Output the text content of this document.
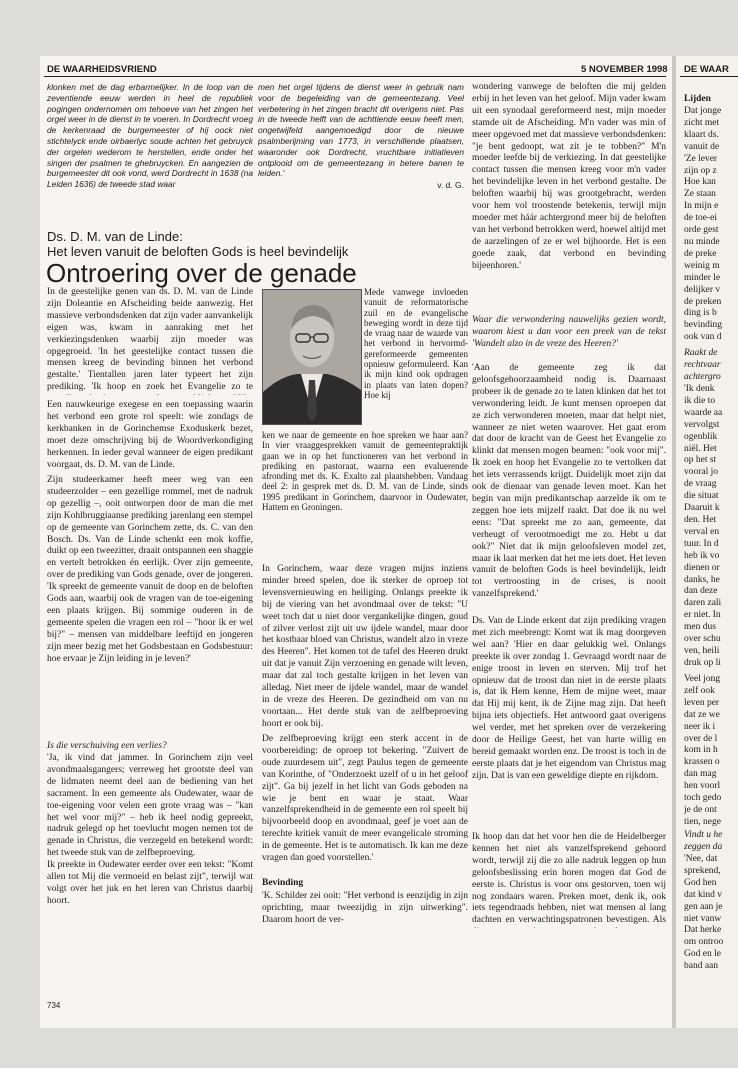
DE WAARHEIDSVRIEND	5 NOVEMBER 1998 DE WAAR
klonken met de dag erbarmelijker. In de loop van de zeventiende eeuw werden in heel de republiek pogingen ondernomen om tehoeve van het zingen het orgel weer in de dienst in te voeren. In Dordrecht vroeg de kerkenraad de burgemeester of hij oock niet stichtelyck ende oirbaerlyc soude achten het gebruyck der orgelen wederom te herstellen, ende onder het singen der psalmen te ghebruycken. En aangezien de burgemeester dit ook vond, werd Dordrecht in 1638 (na Leiden 1636) de tweede stad waar
men het orgel tijdens de dienst weer in gebruik nam voor de begeleiding van de gemeentezang. Veel verbetering in het zingen bracht dit overigens niet. Pas in de tweede helft van de achttiende eeuw heeft men, ongetwijfeld aangemoedigd door de nieuwe psalmberijming van 1773, in verschillende plaatsen, waaronder ook Dordrecht, vruchtbare initiatieven ontplooid om de gemeentezang in betere banen te leiden.'
v. d. G.
Ds. D. M. van de Linde:
Het leven vanuit de beloften Gods is heel bevindelijk
Ontroering over de genade
In de geestelijke genen van ds. D. M. van de Linde zijn Doleantie en Afscheiding beide aanwezig. Het massieve verbondsdenken dat zijn vader aanvankelijk eigen was, kwam in aanraking met het verkiezingsdenken waarbij zijn moeder was opgegroeid. 'In het geestelijke contact tussen die mensen kreeg de bevinding binnen het verbond gestalte.' Tientallen jaren later typeert het zijn prediking. 'Ik hoop en zoek het Evangelie zo te
Een nauwkeurige exegese en een toepassing waarin het verbond een grote rol speelt: wie zondags de kerkbanken in de Gorinchemse Exoduskerk bezet, moet deze omschrijving bij de Woordverkondiging herkennen. In ieder geval wanneer de eigen predikant voorgaat, ds. D. M. van de Linde.
Zijn studeerkamer heeft meer weg van een studeerzolder – een gezellige rommel, met de nadruk op gezellig –, ooit ontworpen door de man die met zijn Kohlbruggiaanse prediking jarenlang een stempel op de gemeente van Gorinchem zette, ds. C. van den Bosch. Ds. Van de Linde schenkt een mok koffie, duikt op een tweezitter, draait ontspannen een shaggie en vertelt betrokken én eerlijk. Over zijn gemeente, over de prediking van Gods genade, over de jongeren. 'Ik spreekt de gemeente vanuit de doop en de beloften Gods aan, waarbij ook de vragen van de toe-eigening een plaats krijgen. Bij sommige ouderen in de gemeente spelen die vragen een rol – "hoor ik er wel bij?" – mensen van middelbare leeftijd en jongeren zijn meer bezig met het Godsbestaan en Godsbestuur: hoe ervaar je Zijn leiding in je leven?'
Is die verschuiving een verlies?
'Ja, ik vind dat jammer. In Gorinchem zijn veel avondmaalsgangers; verreweg het grootste deel van de lidmaten neemt deel aan de bediening van het sacrament. In een gemeente als Oudewater, waar de toe-eigening voor velen een grote vraag was – "kan het wel voor mij?" – heb ik heel nodig gepreekt, nadruk gelegd op het toevlucht mogen nemen tot de genade in Christus, die verzegeld en betekend wordt: het tweede stuk van de zelfbeproeving.
Ik preekte in Oudewater eerder over een tekst: "Komt allen tot Mij die vermoeid en belast zijt", terwijl wat volgt over het juk en het leren van Christus daarbij hoort.
Mede vanwege invloeden vanuit de reformatorische zuil en de evangelische beweging wordt in deze tijd de vraag naar de waarde van het verbond in hervormd-gereformeerde gemeenten opnieuw geformuleerd. Kan ik mijn kind ook opdragen in plaats van laten dopen? Hoe kij
ken we naar de gemeente en hoe spreken we haar aan? In vier vraaggesprekken vanuit de gemeentepraktijk gaan we in op het functioneren van het verbond in prediking en pastoraat, waarna een evaluerende afronding met ds. K. Exalto zal plaatshebben. Vandaag deel 2: in gesprek met ds. D. M. van de Linde, sinds 1995 predikant in Gorinchem, daarvoor in Oudewater, Hattem en Groningen.
In Gorinchem, waar deze vragen mijns inziens minder breed spelen, doe ik sterker de oproep tot levensvernieuwing en heiliging. Onlangs preekte ik bij de viering van het avondmaal over de tekst: "U weet toch dat u niet door vergankelijke dingen, goud of zilver verlost zijt uit uw ijdele wandel, maar door het kostbaar bloed van Christus, wandelt alzo in vreze des Heeren". Het komen tot de tafel des Heeren drukt uit dat je vanuit Zijn verzoening en genade wilt leven, maar dat zal toch gestalte krijgen in het leven van alledag. Niet meer de ijdele wandel, maar de wandel in de vreze des Heeren. De gezindheid om van nu voortaan... Het derde stuk van de zelfbeproeving hoort er ook bij.
De zelfbeproeving krijgt een sterk accent in de voorbereiding: de oproep tot bekering. "Zuivert de oude zuurdesem uit", zegt Paulus tegen de gemeente van Korinthe, of "Onderzoekt uzelf of u in het geloof zijt". Ga bij jezelf in het licht van Gods geboden na wie je bent en waar je staat. Waar vanzelfsprekendheid in de gemeente een rol speelt bij bijvoorbeeld doop en avondmaal, geef je voet aan de terechte kritiek vanuit de meer evangelicale stroming in de gemeente. Het is te automatisch. Ik kan me deze vragen dan goed voorstellen.'
Bevinding
'K. Schilder zei ooit: "Het verbond is eenzijdig in zijn oprichting, maar tweezijdig in zijn uitwerking". Daarom hoort de ver-
wondering vanwege de beloften die mij gelden erbij in het leven van het geloof. Mijn vader kwam uit een synodaal gereformeerd nest, mijn moeder stamde uit de Afscheiding. M'n vader was min of meer opgevoed met dat massieve verbondsdenken: "je bent gedoopt, wat zit je te tobben?" M'n moeder leefde bij de verkiezing. In dat geestelijke contact tussen die mensen kreeg voor m'n vader het bevindelijke leven in het verbond gestalte. De beloften waarbij hij was grootgebracht, werden voor hem vol troostende betekenis, terwijl mijn moeder met háár achtergrond meer bij de beloften van het verbond betrokken werd, hoewel altijd met de aarzelingen of ze er wel bijhoorde. Het is een goede zaak, dat verbond en bevinding bijeenhoren.'
Waar die verwondering nauwelijks gezien wordt, waarom kiest u dan voor een preek van de tekst 'Wandelt alzo in de vreze des Heeren?'
'Aan de gemeente zeg ik dat geloofsgehoorzaamheid nodig is. Daarnaast probeer ik de genade zo te laten klinken dat het tot verwondering leidt. Je kunt mensen oproepen dat ze zich verwonderen moeten, maar dat helpt niet, wanneer ze niet weten waarover. Het gaat erom dat door de kracht van de Geest het Evangelie zo klinkt dat mensen mogen beamen: "ook voor mij". Ik zoek en hoop het Evangelie zo te vertolken dat het iets verrassends krijgt. Duidelijk moet zijn dat ook de dienaar van genade leven moet. Kan het begin van mijn predikantschap aarzelde ik om te zeggen hoe iets mijzelf raakt. Dat doe ik nu wel eens: "Dat spreekt me zo aan, gemeente, dat verheugt of verootmoedigt me zo. Hebt u dat ook?" Niet dat ik mijn geloofsleven model zet, maar ik laat merken dat het me iets doet. Het leven vanuit de beloften Gods is heel bevindelijk, leidt tot vertroosting in de crises, is nooit vanzelfsprekend.'
Ds. Van de Linde erkent dat zijn prediking vragen met zich meebrengt: Komt wat ik mag doorgeven wel aan? 'Hier en daar gelukkig wel. Onlangs preekte ik over zondag 1. Gevraagd wordt naar de enige troost in leven en sterven. Mij trof het opnieuw dat de troost dan niet in de eerste plaats is, dat ik Hem kenne, Hem de mijne weet, maar dat Hij mij kent, ik de Zijne mag zijn. Dat heeft bijna iets objectiefs. Het antwoord gaat overigens wel verder, met het spreken over de verzekering door de Heilige Geest, het van harte willig en bereid gemaakt worden enz. De troost is toch in de eerste plaats dat je het eigendom van Christus mag zijn. Dat is van een geweldige diepte en rijkdom.
Ik hoop dan dat het voor hen die de Heidelberger kennen het niet als vanzelfsprekend gehoord wordt, terwijl zij die zo alle nadruk leggen op hun geloofsbeslissing erin horen mogen dat God de eerste is. Christus is voor ons gestorven, toen wij nog zondaars waren. Preken moet, denk ik, ook iets tegendraads hebben, niet wat mensen al lang dachten en verwachtingspatronen bevestigen. Als
734
Lijden
Dat jonge
zicht met
klaart ds.
vanuit de
'Ze lever
zijn op z
Hoe kan
Ze staan
In mijn e
de toe-ei
orde gest
nu minde
de preke
weinig m
minder le
delijker v
de preken
ding is b
bevinding
ook van d
Raakt de
rechtvaar
achtergro
'Ik denk
ik die to
waarde aa
vervolgst
ogenblik
niël. Het
op het st
vooral jo
de vraag
die situat
Daaruit k
den. Het
verval en
tuur. In d
heb ik vo
dienen or
danks, he
dan deze
daren zali
er niet. In
men dus
over schu
ven, heili
druk op li
Veel jong
zelf ook
leven per
dat ze we
neer ik i
over de l
kom in h
krassen o
dan mag
hen voorl
toch gedo
je de ont
tien, nege
Vindt u he
zeggen da
'Nee, dat
sprekend,
God hen
dat kind v
gen aan je
niet vanw
Dat herke
om ontroo
God en le
band aan
